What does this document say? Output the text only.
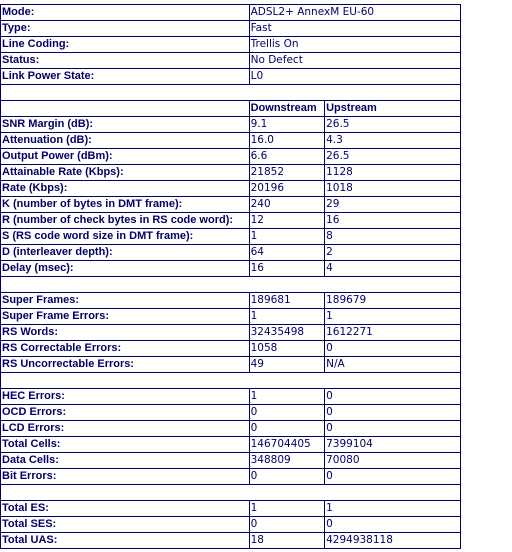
Mode:	ADSL2+ AnnexM EU-60	
Type:	Fast	
Line Coding:	Trellis On	
Status:	No Defect	
Link Power State:	L0	

	Downstream	Upstream
SNR Margin (dB):	9.1	26.5
Attenuation (dB):	16.0	4.3
Output Power (dBm):	6.6	26.5
Attainable Rate (Kbps):	21852	1128
Rate (Kbps):	20196	1018
K (number of bytes in DMT frame):	240	29
R (number of check bytes in RS code word):	12	16
S (RS code word size in DMT frame):	1	8
D (interleaver depth):	64	2
Delay (msec):	16	4

Super Frames:	189681	189679
Super Frame Errors:	1	1
RS Words:	32435498	1612271
RS Correctable Errors:	1058	0
RS Uncorrectable Errors:	49	N/A

HEC Errors:	1	0
OCD Errors:	0	0
LCD Errors:	0	0
Total Cells:	146704405	7399104
Data Cells:	348809	70080
Bit Errors:	0	0

Total ES:	1	1
Total SES:	0	0
Total UAS:	18	4294938118
